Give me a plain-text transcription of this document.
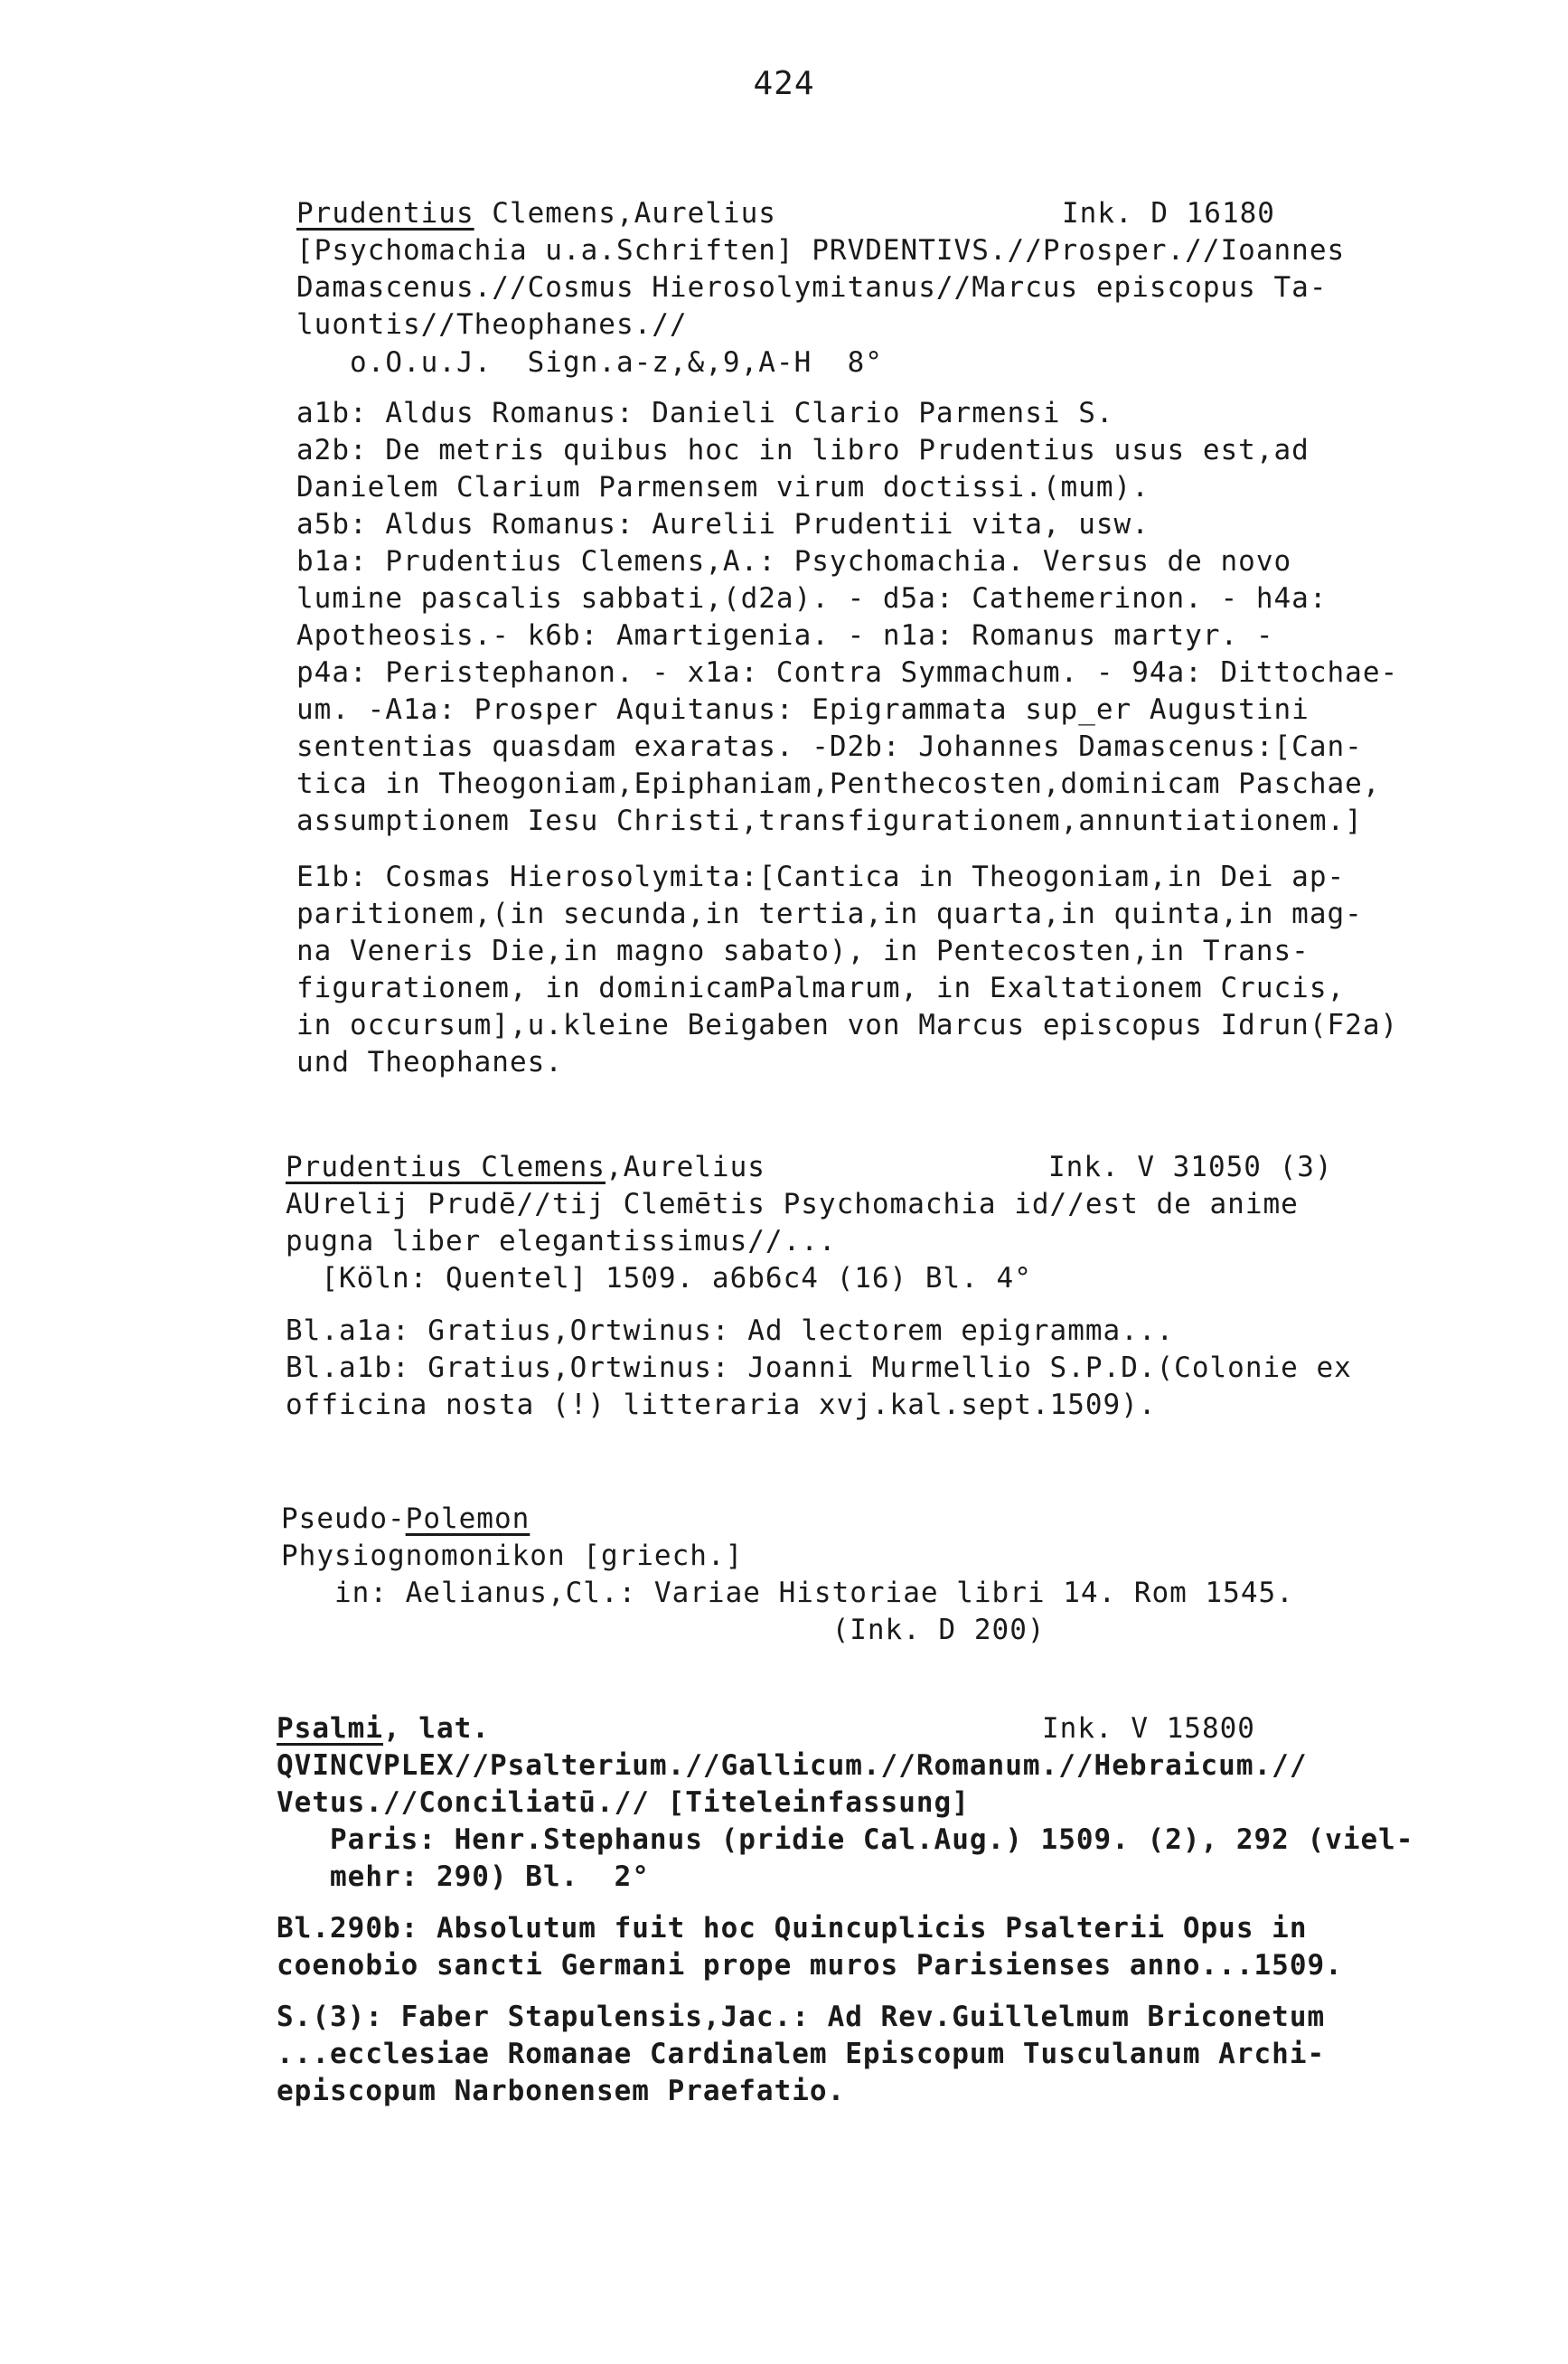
424
Prudentius Clemens,Aurelius	Ink. D 16180
[Psychomachia u.a.Schriften] PRVDENTIVS.//Prosper.//Ioannes
Damascenus.//Cosmus Hierosolymitanus//Marcus episcopus Ta-
luontis//Theophanes.//
o.O.u.J.  Sign.a-z,&,9,A-H  8°
a1b: Aldus Romanus: Danieli Clario Parmensi S.
a2b: De metris quibus hoc in libro Prudentius usus est,ad
Danielem Clarium Parmensem virum doctissi.(mum).
a5b: Aldus Romanus: Aurelii Prudentii vita, usw.
b1a: Prudentius Clemens,A.: Psychomachia. Versus de novo
lumine pascalis sabbati,(d2a). - d5a: Cathemerinon. - h4a:
Apotheosis.- k6b: Amartigenia. - n1a: Romanus martyr. -
p4a: Peristephanon. - x1a: Contra Symmachum. - 94a: Dittochae-
um. -A1a: Prosper Aquitanus: Epigrammata sup_er Augustini
sententias quasdam exaratas. -D2b: Johannes Damascenus:[Can-
tica in Theogoniam,Epiphaniam,Penthecosten,dominicam Paschae,
assumptionem Iesu Christi,transfigurationem,annuntiationem.]
E1b: Cosmas Hierosolymita:[Cantica in Theogoniam,in Dei ap-
paritionem,(in secunda,in tertia,in quarta,in quinta,in mag-
na Veneris Die,in magno sabato), in Pentecosten,in Trans-
figurationem, in dominicamPalmarum, in Exaltationem Crucis,
in occursum],u.kleine Beigaben von Marcus episcopus Idrun(F2a)
und Theophanes.
Prudentius Clemens,Aurelius	Ink. V 31050 (3)
AUrelij Prudē//tij Clemētis Psychomachia id//est de anime
pugna liber elegantissimus//...
[Köln: Quentel] 1509. a6b6c4 (16) Bl. 4°
Bl.a1a: Gratius,Ortwinus: Ad lectorem epigramma...
Bl.a1b: Gratius,Ortwinus: Joanni Murmellio S.P.D.(Colonie ex
officina nosta (!) litteraria xvj.kal.sept.1509).
Pseudo-Polemon
Physiognomonikon [griech.]
in: Aelianus,Cl.: Variae Historiae libri 14. Rom 1545.
(Ink. D 200)
Psalmi, lat.	Ink. V 15800
QVINCVPLEX//Psalterium.//Gallicum.//Romanum.//Hebraicum.//
Vetus.//Conciliatū.// [Titeleinfassung]
Paris: Henr.Stephanus (pridie Cal.Aug.) 1509. (2), 292 (viel-
mehr: 290) Bl.  2°
Bl.290b: Absolutum fuit hoc Quincuplicis Psalterii Opus in
coenobio sancti Germani prope muros Parisienses anno...1509.
S.(3): Faber Stapulensis,Jac.: Ad Rev.Guillelmum Briconetum
...ecclesiae Romanae Cardinalem Episcopum Tusculanum Archi-
episcopum Narbonensem Praefatio.
